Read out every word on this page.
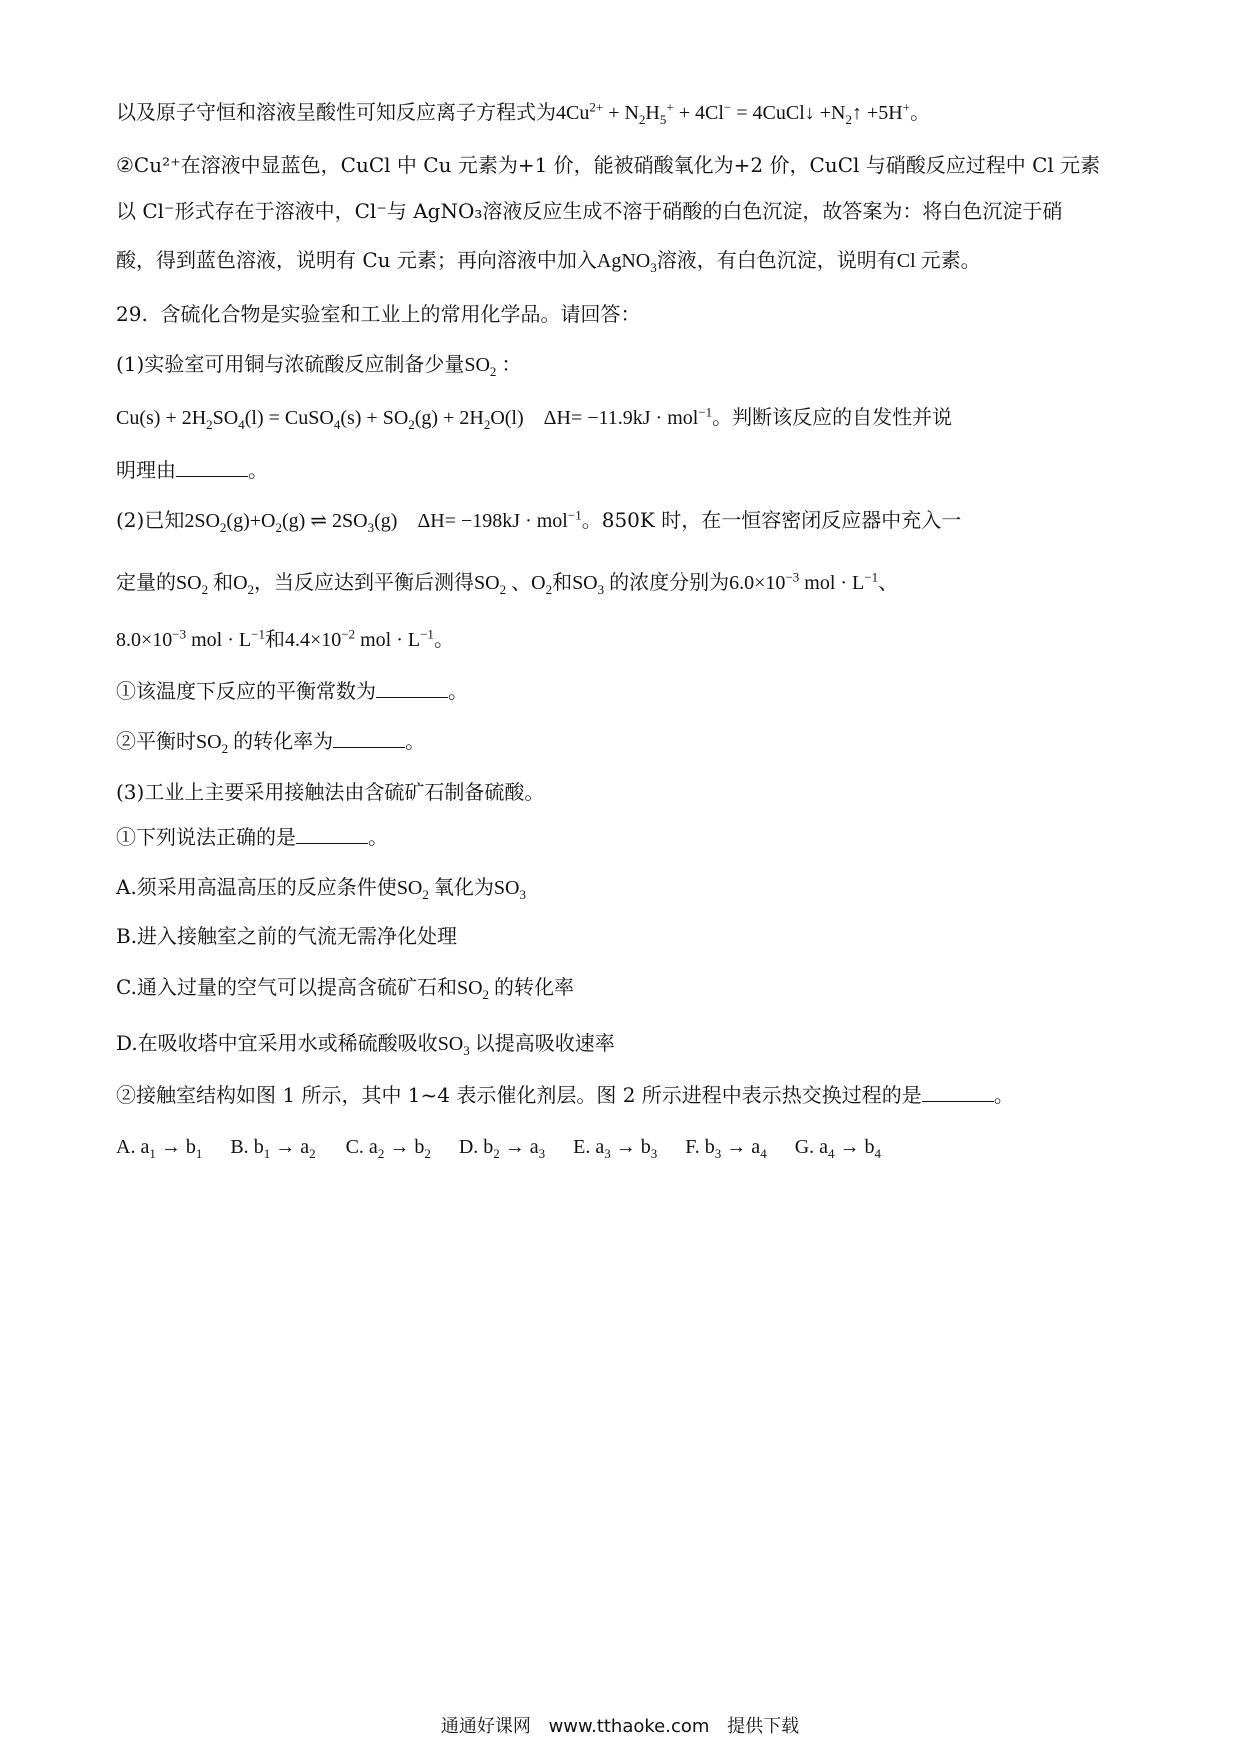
以及原子守恒和溶液呈酸性可知反应离子方程式为$4Cu^{2+} + N_2H_5^+ + 4Cl^-$ = 4CuCl↓ $+N_2↑ +5H^+$。
②Cu²⁺在溶液中显蓝色，CuCl 中 Cu 元素为+1 价，能被硝酸氧化为+2 价，CuCl 与硝酸反应过程中 Cl 元素
以 Cl⁻形式存在于溶液中，Cl⁻与 AgNO₃溶液反应生成不溶于硝酸的白色沉淀，故答案为：将白色沉淀于硝
酸，得到蓝色溶液，说明有 Cu 元素；再向溶液中加入AgNO$_3$溶液，有白色沉淀，说明有Cl 元素。
29. 含硫化合物是实验室和工业上的常用化学品。请回答：
(1)实验室可用铜与浓硫酸反应制备少量$SO_2$ ：
$Cu(s) + 2H_2SO_4(l)$ = CuSO$_4$(s) + $SO_2(g) + 2H_2O(l)$    ΔH= −11.9kJ · mol$^{-1}$。判断该反应的自发性并说
明理由	。
(2)已知$2SO_2(g)+O_2(g)$ ⇌ $2SO_3(g)$    ΔH= −198kJ · mol$^{-1}$。850K 时，在一恒容密闭反应器中充入一
定量的$SO_2$ 和$O_2$，当反应达到平衡后测得$SO_2$ 、$O_2$和$SO_3$ 的浓度分别为$6.0\times 10^{-3}$ mol · $L^{-1}$、
$8.0\times 10^{-3}$ mol · $L^{-1}$和$4.4\times 10^{-2}$ mol · $L^{-1}$。
①该温度下反应的平衡常数为	。
②平衡时$SO_2$ 的转化率为	。
(3)工业上主要采用接触法由含硫矿石制备硫酸。
①下列说法正确的是	。
A.须采用高温高压的反应条件使$SO_2$ 氧化为$SO_3$
B.进入接触室之前的气流无需净化处理
C.通入过量的空气可以提高含硫矿石和$SO_2$ 的转化率
D.在吸收塔中宜采用水或稀硫酸吸收$SO_3$ 以提高吸收速率
②接触室结构如图 1 所示，其中 1~4 表示催化剂层。图 2 所示进程中表示热交换过程的是	。
A. $a_1 \to b_1$ B. $b_1 \to a_2$ C. $a_2 \to b_2$ D. $b_2 \to a_3$ E. $a_3 \to b_3$ F. $b_3 \to a_4$ G. $a_4 \to b_4$
通通好课网 www.tthaoke.com 提供下载
